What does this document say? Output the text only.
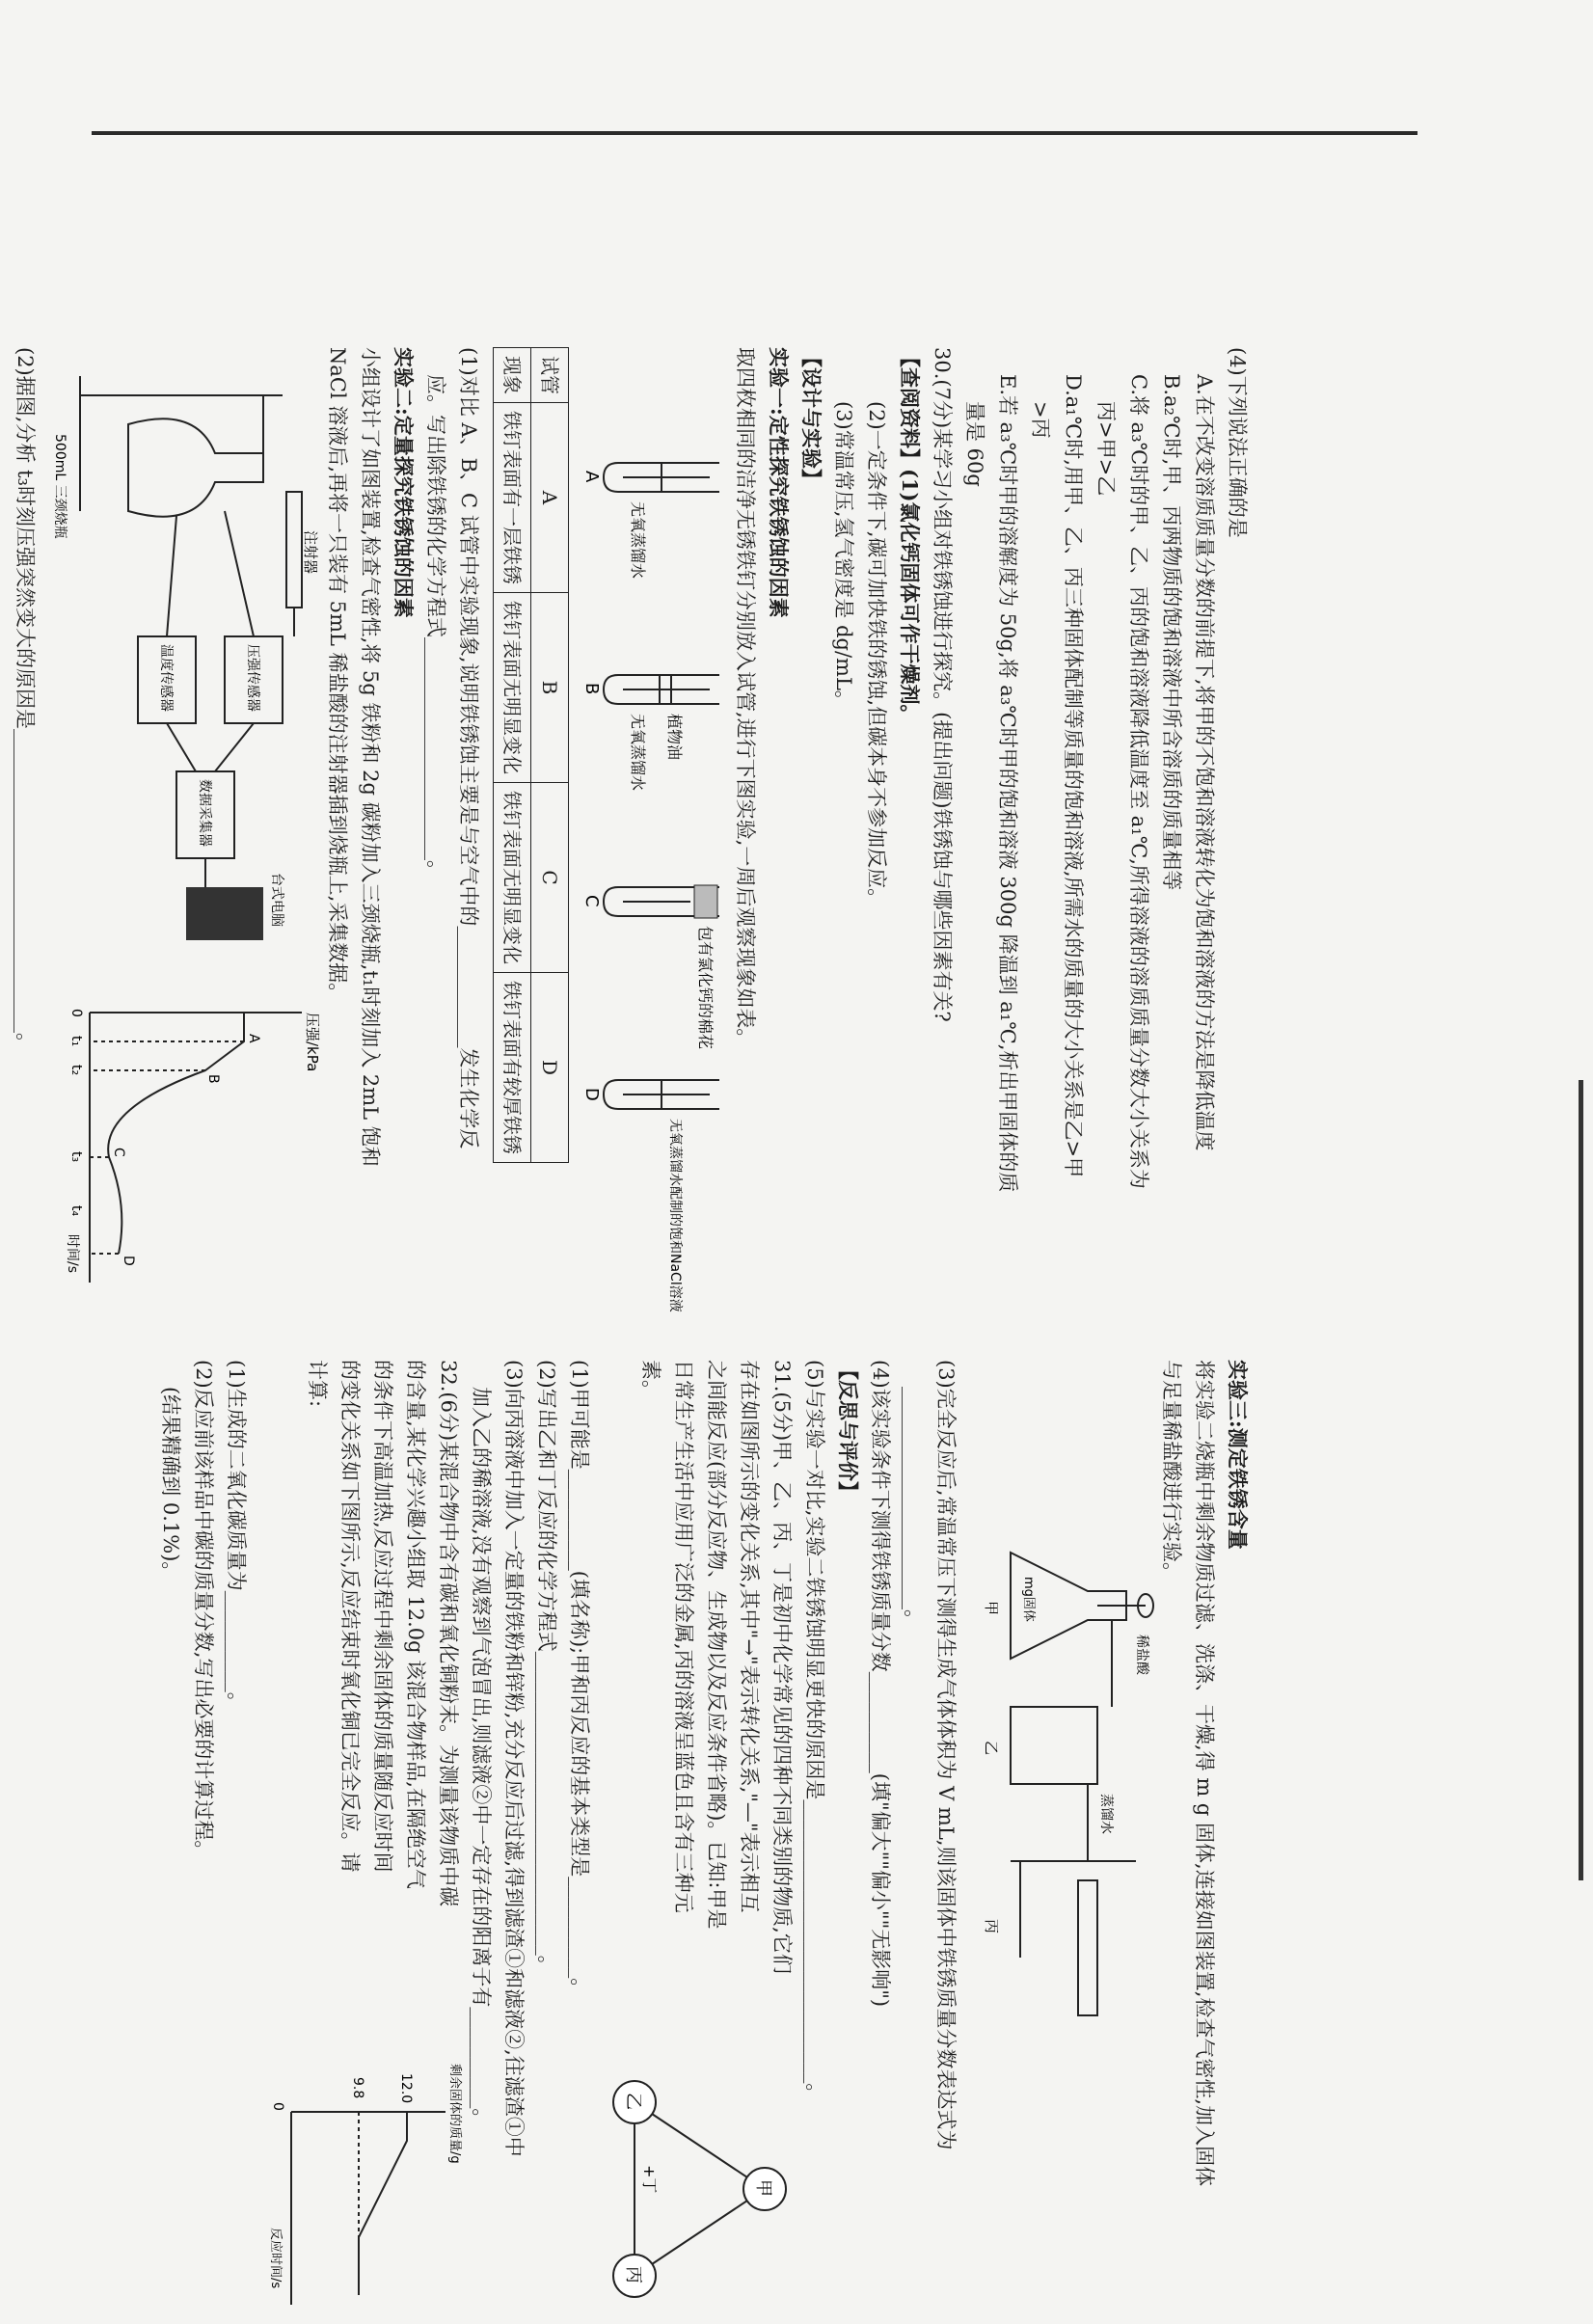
(4)下列说法正确的是

A.在不改变溶质质量分数的前提下,将甲的不饱和溶液转化为饱和溶液的方法是降低温度

B.a₂℃时,甲、丙两物质的饱和溶液中所含溶质的质量相等

C.将 a₃℃时的甲、乙、丙的饱和溶液降低温度至 a₁℃,所得溶液的溶质质量分数大小关系为

丙>甲>乙

D.a₁℃时,用甲、乙、丙三种固体配制等质量的饱和溶液,所需水的质量的大小关系是乙>甲

>丙

E.若 a₃℃时甲的溶解度为 50g,将 a₃℃时甲的饱和溶液 300g 降温到 a₁℃,析出甲固体的质

量是 60g

30.(7分)某学习小组对铁锈蚀进行探究。(提出问题)铁锈蚀与哪些因素有关?

【查阅资料】(1)氯化钙固体可作干燥剂。

(2)一定条件下,碳可加快铁的锈蚀,但碳本身不参加反应。

(3)常温常压,氢气密度是 dg/mL。

【设计与实验】

实验一:定性探究铁锈蚀的因素

取四枚相同的洁净无锈铁钉分别放入试管,进行下图实验,一周后观察现象如表。

无氧蒸馏水
植物油
无氧蒸馏水
包有氯化钙的棉花
无氧蒸馏水配制的饱和NaCl溶液
A
B
C
D
试管	A	B	C	D
现象	铁钉表面有一层铁锈	铁钉表面无明显变化	铁钉表面无明显变化	铁钉表面有较厚铁锈

(1)对比 A、B、C 试管中实验现象,说明铁锈蚀主要是与空气中的____________发生化学反

应。写出除铁锈的化学方程式______________________。

实验二:定量探究铁锈蚀的因素

小组设计了如图装置,检查气密性,将 5g 铁粉和 2g 碳粉加入三颈烧瓶,t₁时刻加入 2mL 饱和

NaCl 溶液后,再将一只装有 5mL 稀盐酸的注射器插到烧瓶上,采集数据。

注射器
压强传感器
温度传感器
数据采集器
500mL 三颈烧瓶
台式电脑
压强/kPa
时间/s
0
t₁
t₂
t₃
t₄
A
B
C
D

(2)据图,分析 t₃时刻压强突然变大的原因是______________________________。

实验三:测定铁锈含量

将实验二烧瓶中剩余物质过滤、洗涤、干燥,得 m g 固体,连接如图装置,检查气密性,加入固体

与足量稀盐酸进行实验。

稀盐酸
mg固体
蒸馏水
甲
乙
丙

(3)完全反应后,常温常压下测得生成气体体积为 V mL,则该固体中铁锈质量分数表达式为

______________________。

(4)该实验条件下测得铁锈质量分数__________(填"偏大""偏小""无影响")

【反思与评价】

(5)与实验一对比,实验二铁锈蚀明显更快的原因是____________________________。

31.(5分)甲、乙、丙、丁是初中化学常见的四种不同类别的物质,它们

存在如图所示的变化关系,其中"→"表示转化关系,"—"表示相互

之间能反应(部分反应物、生成物以及反应条件省略)。已知:甲是

日常生产生活中应用广泛的金属,丙的溶液呈蓝色且含有三种元

素。

甲
乙
丙
+丁

(1)甲可能是__________(填名称);甲和丙反应的基本类型是__________。

(2)写出乙和丁反应的化学方程式______________________________。

(3)向丙溶液中加入一定量的铁粉和锌粉,充分反应后过滤,得到滤渣①和滤液②,往滤渣①中

加入乙的稀溶液,没有观察到气泡冒出,则滤液②中一定存在的阳离子有__________。

32.(6分)某混合物中含有碳和氧化铜粉末。为测量该物质中碳

的含量,某化学兴趣小组取 12.0g 该混合物样品,在隔绝空气

的条件下高温加热,反应过程中剩余固体的质量随反应时间

的变化关系如下图所示,反应结束时氧化铜已完全反应。请

计算:

剩余固体的质量/g
12.0
9.8
0
反应时间/s

(1)生成的二氧化碳质量为__________。

(2)反应前该样品中碳的质量分数,写出必要的计算过程。

(结果精确到 0.1%)。
